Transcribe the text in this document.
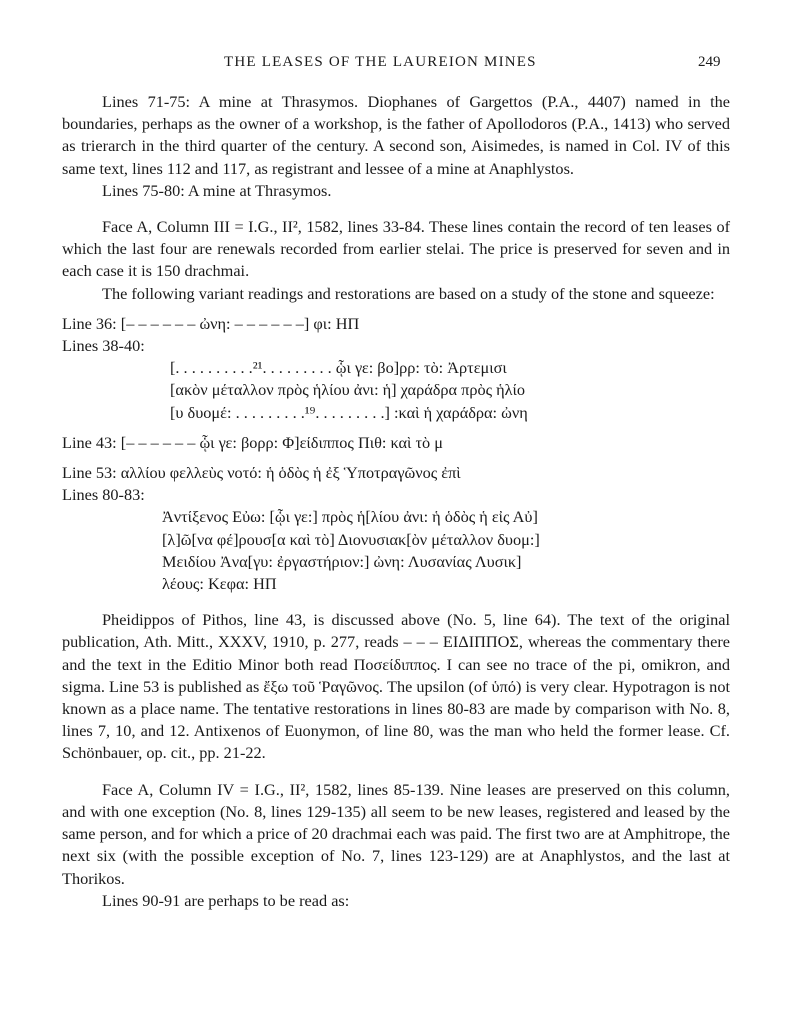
THE LEASES OF THE LAUREION MINES	249

Lines 71-75: A mine at Thrasymos. Diophanes of Gargettos (P.A., 4407) named in the boundaries, perhaps as the owner of a workshop, is the father of Apollodoros (P.A., 1413) who served as trierarch in the third quarter of the century. A second son, Aisimedes, is named in Col. IV of this same text, lines 112 and 117, as registrant and lessee of a mine at Anaphlystos.

Lines 75-80: A mine at Thrasymos.

Face A, Column III = I.G., II², 1582, lines 33-84. These lines contain the record of ten leases of which the last four are renewals recorded from earlier stelai. The price is preserved for seven and in each case it is 150 drachmai.

The following variant readings and restorations are based on a study of the stone and squeeze:

Line 36: [– – – – – – ὠνη: – – – – – –] φι: ΗΠ
Lines 38-40:
[. . . . . . . . . .²¹. . . . . . . . . ᾧι γε: βο]ρρ: τὸ: Ἀρτεμισι
[ακὸν μέταλλον πρὸς ἡλίου ἀνι: ἡ] χαράδρα πρὸς ἡλίο
[υ δυομέ: . . . . . . . . .¹⁹. . . . . . . . .] :καὶ ἡ χαράδρα: ὠνη
Line 43: [– – – – – – ᾧι γε: βορρ: Φ]είδιππος Πιθ: καὶ τὸ μ
Line 53: αλλίου φελλεὺς νοτό: ἡ ὁδὸς ἡ ἐξ Ὑποτραγῶνος ἐπὶ
Lines 80-83:
Ἀντίξενος Εὐω: [ᾧι γε:] πρὸς ἡ[λίου ἀνι: ἡ ὁδὸς ἡ εἰς Αὐ]
[λ]ῶ[να φέ]ρουσ[α καὶ τὸ] Διονυσιακ[ὸν μέταλλον δυομ:]
Μειδίου Ἀνα[γυ: ἐργαστήριον:] ὠνη: Λυσανίας Λυσικ]
λέους: Κεφα: ΗΠ

Pheidippos of Pithos, line 43, is discussed above (No. 5, line 64). The text of the original publication, Ath. Mitt., XXXV, 1910, p. 277, reads – – – ΕΙΔΙΠΠΟΣ, whereas the commentary there and the text in the Editio Minor both read Ποσείδιππος. I can see no trace of the pi, omikron, and sigma. Line 53 is published as ἔξω τοῦ Ῥαγῶνος. The upsilon (of ὑπό) is very clear. Hypotragon is not known as a place name. The tentative restorations in lines 80-83 are made by comparison with No. 8, lines 7, 10, and 12. Antixenos of Euonymon, of line 80, was the man who held the former lease. Cf. Schönbauer, op. cit., pp. 21-22.

Face A, Column IV = I.G., II², 1582, lines 85-139. Nine leases are preserved on this column, and with one exception (No. 8, lines 129-135) all seem to be new leases, registered and leased by the same person, and for which a price of 20 drachmai each was paid. The first two are at Amphitrope, the next six (with the possible exception of No. 7, lines 123-129) are at Anaphlystos, and the last at Thorikos.

Lines 90-91 are perhaps to be read as:
